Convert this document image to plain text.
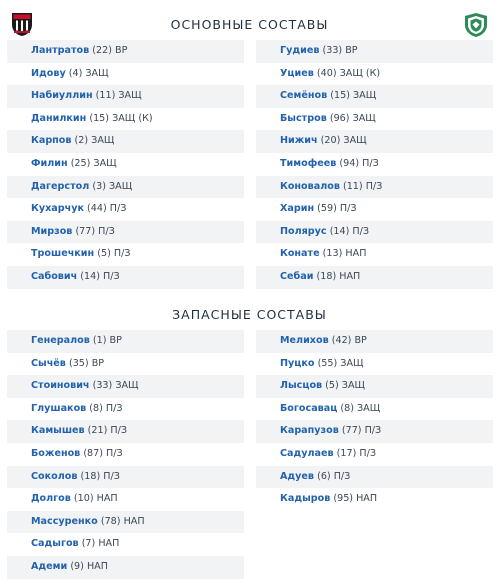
ОСНОВНЫЕ СОСТАВЫ
Лантратов (22) ВР
Идову (4) ЗАЩ
Набиуллин (11) ЗАЩ
Данилкин (15) ЗАЩ (К)
Карпов (2) ЗАЩ
Филин (25) ЗАЩ
Дагерстол (3) ЗАЩ
Кухарчук (44) П/З
Мирзов (77) П/З
Трошечкин (5) П/З
Сабович (14) П/З
Гудиев (33) ВР
Уциев (40) ЗАЩ (К)
Семёнов (15) ЗАЩ
Быстров (96) ЗАЩ
Нижич (20) ЗАЩ
Тимофеев (94) П/З
Коновалов (11) П/З
Харин (59) П/З
Полярус (14) П/З
Конате (13) НАП
Себаи (18) НАП
ЗАПАСНЫЕ СОСТАВЫ
Генералов (1) ВР
Сычёв (35) ВР
Стоинович (33) ЗАЩ
Глушаков (8) П/З
Камышев (21) П/З
Боженов (87) П/З
Соколов (18) П/З
Долгов (10) НАП
Массуренко (78) НАП
Садыгов (7) НАП
Адеми (9) НАП
Мелихов (42) ВР
Пуцко (55) ЗАЩ
Лысцов (5) ЗАЩ
Богосавац (8) ЗАЩ
Карапузов (77) П/З
Садулаев (17) П/З
Адуев (6) П/З
Кадыров (95) НАП
